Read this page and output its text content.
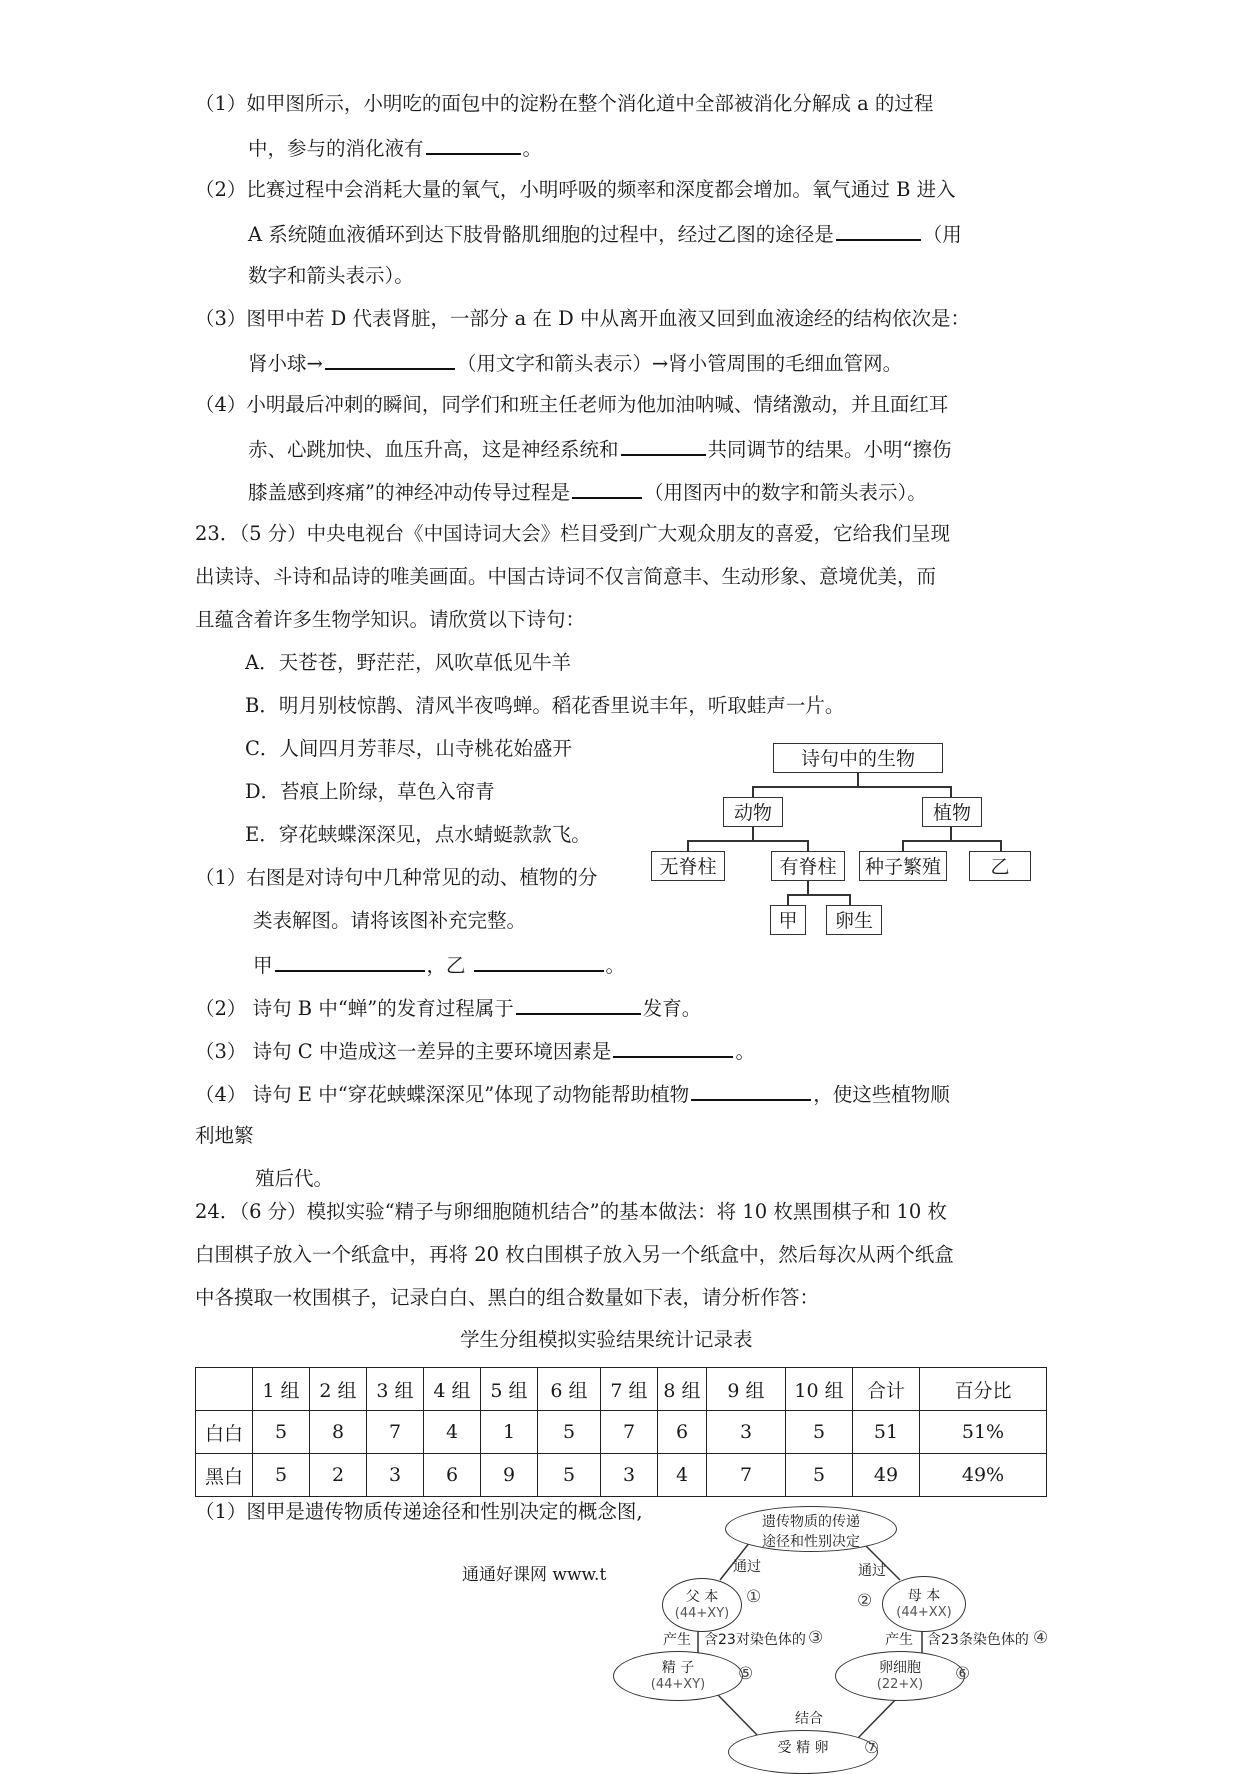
（1）如甲图所示，小明吃的面包中的淀粉在整个消化道中全部被消化分解成 a 的过程
中，参与的消化液有	。
（2）比赛过程中会消耗大量的氧气，小明呼吸的频率和深度都会增加。氧气通过 B 进入
A 系统随血液循环到达下肢骨骼肌细胞的过程中，经过乙图的途径是	（用
数字和箭头表示）。
（3）图甲中若 D 代表肾脏，一部分 a 在 D 中从离开血液又回到血液途经的结构依次是：
肾小球→	（用文字和箭头表示）→肾小管周围的毛细血管网。
（4）小明最后冲刺的瞬间，同学们和班主任老师为他加油呐喊、情绪激动，并且面红耳
赤、心跳加快、血压升高，这是神经系统和	共同调节的结果。小明“擦伤
膝盖感到疼痛”的神经冲动传导过程是	（用图丙中的数字和箭头表示）。
23．（5 分）中央电视台《中国诗词大会》栏目受到广大观众朋友的喜爱，它给我们呈现
出读诗、斗诗和品诗的唯美画面。中国古诗词不仅言简意丰、生动形象、意境优美，而
且蕴含着许多生物学知识。请欣赏以下诗句：
A．天苍苍，野茫茫，风吹草低见牛羊
B．明月别枝惊鹊、清风半夜鸣蝉。稻花香里说丰年，听取蛙声一片。
C．人间四月芳菲尽，山寺桃花始盛开
D．苔痕上阶绿，草色入帘青
E．穿花蛱蝶深深见，点水蜻蜓款款飞。
（1）右图是对诗句中几种常见的动、植物的分
类表解图。请将该图补充完整。
甲	，乙	。
（2） 诗句 B 中“蝉”的发育过程属于	发育。
（3） 诗句 C 中造成这一差异的主要环境因素是	。
（4） 诗句 E 中“穿花蛱蝶深深见”体现了动物能帮助植物	，使这些植物顺
利地繁
殖后代。
诗句中的生物
动物	植物
无脊柱	有脊柱	种子繁殖	乙
甲	卵生
24．（6 分）模拟实验“精子与卵细胞随机结合”的基本做法：将 10 枚黑围棋子和 10 枚
白围棋子放入一个纸盒中，再将 20 枚白围棋子放入另一个纸盒中，然后每次从两个纸盒
中各摸取一枚围棋子，记录白白、黑白的组合数量如下表，请分析作答：
学生分组模拟实验结果统计记录表
	1 组	2 组	3 组	4 组	5 组	6 组	7 组	8 组	9 组	10 组	合计	百分比
白白	5	8	7	4	1	5	7	6	3	5	51	51%
黑白	5	2	3	6	9	5	3	4	7	5	49	49%
（1）图甲是遗传物质传递途径和性别决定的概念图,
通通好课网 www.t
遗传物质的传递
途径和性别决定
通过	通过
父 本
(44+XY)
①	②	母 本
(44+XX)
产生 含23对染色体的 ③	产生 含23条染色体的 ④
精 子
(44+XY)
⑤	卵细胞
(22+X)
⑥
结合
受 精 卵	⑦
